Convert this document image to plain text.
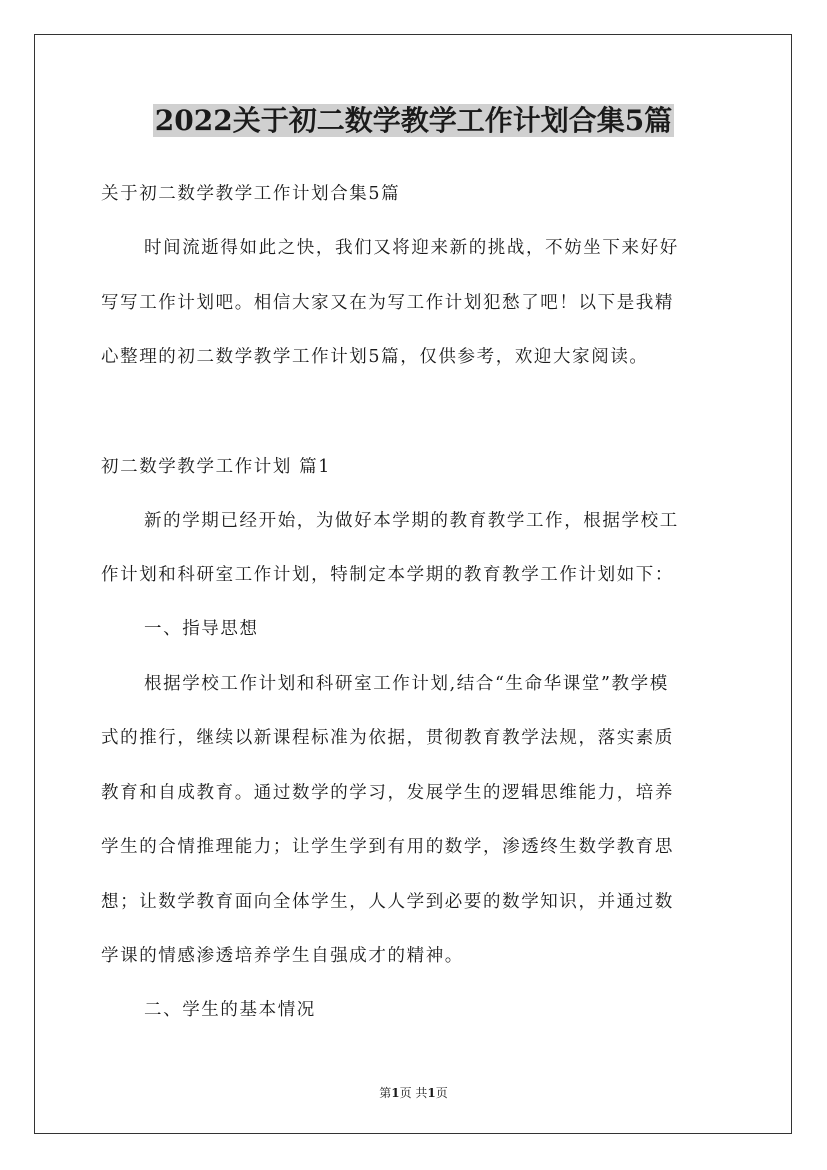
2022关于初二数学教学工作计划合集5篇

关于初二数学教学工作计划合集5篇

时间流逝得如此之快，我们又将迎来新的挑战，不妨坐下来好好

写写工作计划吧。相信大家又在为写工作计划犯愁了吧！以下是我精

心整理的初二数学教学工作计划5篇，仅供参考，欢迎大家阅读。

初二数学教学工作计划 篇1

新的学期已经开始，为做好本学期的教育教学工作，根据学校工

作计划和科研室工作计划，特制定本学期的教育教学工作计划如下：

一、指导思想

根据学校工作计划和科研室工作计划,结合“生命华课堂”教学模

式的推行，继续以新课程标准为依据，贯彻教育教学法规，落实素质

教育和自成教育。通过数学的学习，发展学生的逻辑思维能力，培养

学生的合情推理能力；让学生学到有用的数学，渗透终生数学教育思

想；让数学教育面向全体学生，人人学到必要的数学知识，并通过数

学课的情感渗透培养学生自强成才的精神。

二、学生的基本情况

第1页 共1页
